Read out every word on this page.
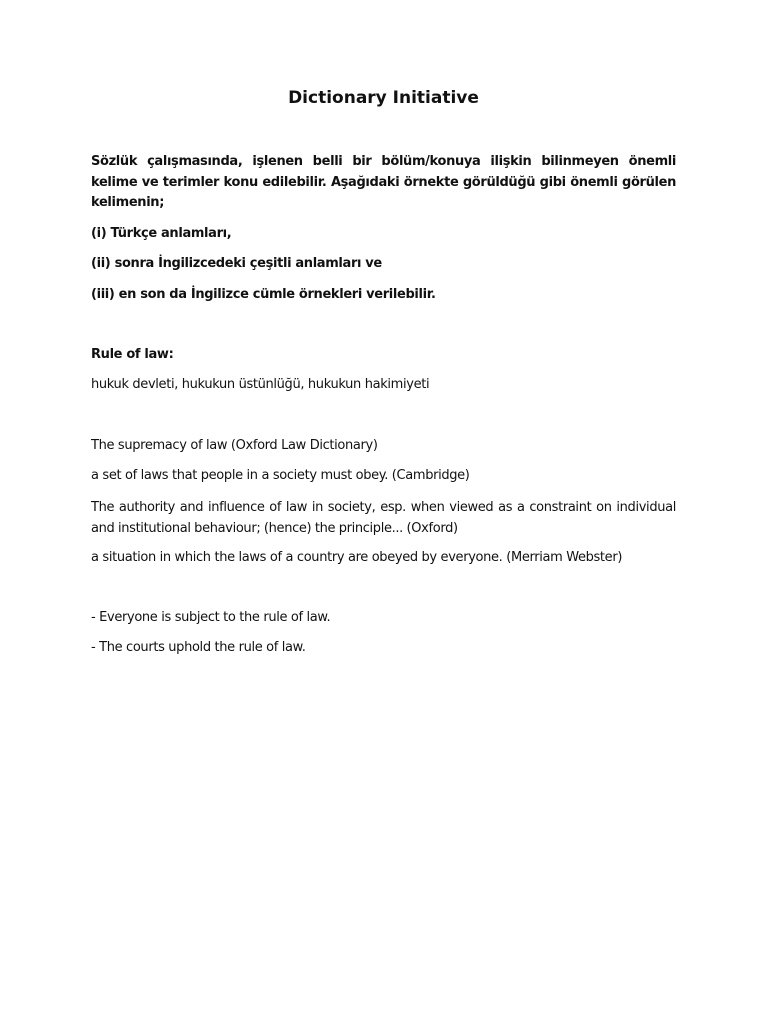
Dictionary Initiative
Sözlük çalışmasında, işlenen belli bir bölüm/konuya ilişkin bilinmeyen önemli kelime ve terimler konu edilebilir. Aşağıdaki örnekte görüldüğü gibi önemli görülen kelimenin;
(i) Türkçe anlamları,
(ii) sonra İngilizcedeki çeşitli anlamları ve
(iii) en son da İngilizce cümle örnekleri verilebilir.
Rule of law:
hukuk devleti, hukukun üstünlüğü, hukukun hakimiyeti
The supremacy of law (Oxford Law Dictionary)
a set of laws that people in a society must obey. (Cambridge)
The authority and influence of law in society, esp. when viewed as a constraint on individual and institutional behaviour; (hence) the principle... (Oxford)
a situation in which the laws of a country are obeyed by everyone. (Merriam Webster)
- Everyone is subject to the rule of law.
- The courts uphold the rule of law.
